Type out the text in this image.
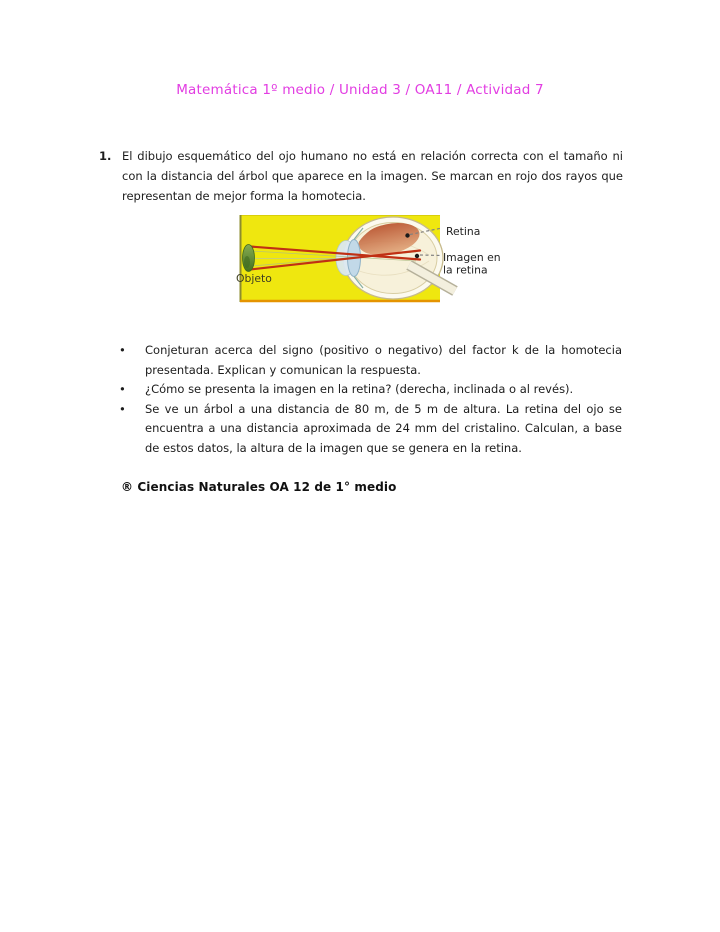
Matemática 1º medio / Unidad 3 / OA11 / Actividad 7
1. El dibujo esquemático del ojo humano no está en relación correcta con el tamaño ni con la distancia del árbol que aparece en la imagen. Se marcan en rojo dos rayos que representan de mejor forma la homotecia.

Retina
Imagen en
la retina
Objeto
•	Conjeturan acerca del signo (positivo o negativo) del factor k de la homotecia presentada. Explican y comunican la respuesta.

•	¿Cómo se presenta la imagen en la retina? (derecha, inclinada o al revés).

•	Se ve un árbol a una distancia de 80 m, de 5 m de altura. La retina del ojo se encuentra a una distancia aproximada de 24 mm del cristalino. Calculan, a base de estos datos, la altura de la imagen que se genera en la retina.

® Ciencias Naturales OA 12 de 1° medio
